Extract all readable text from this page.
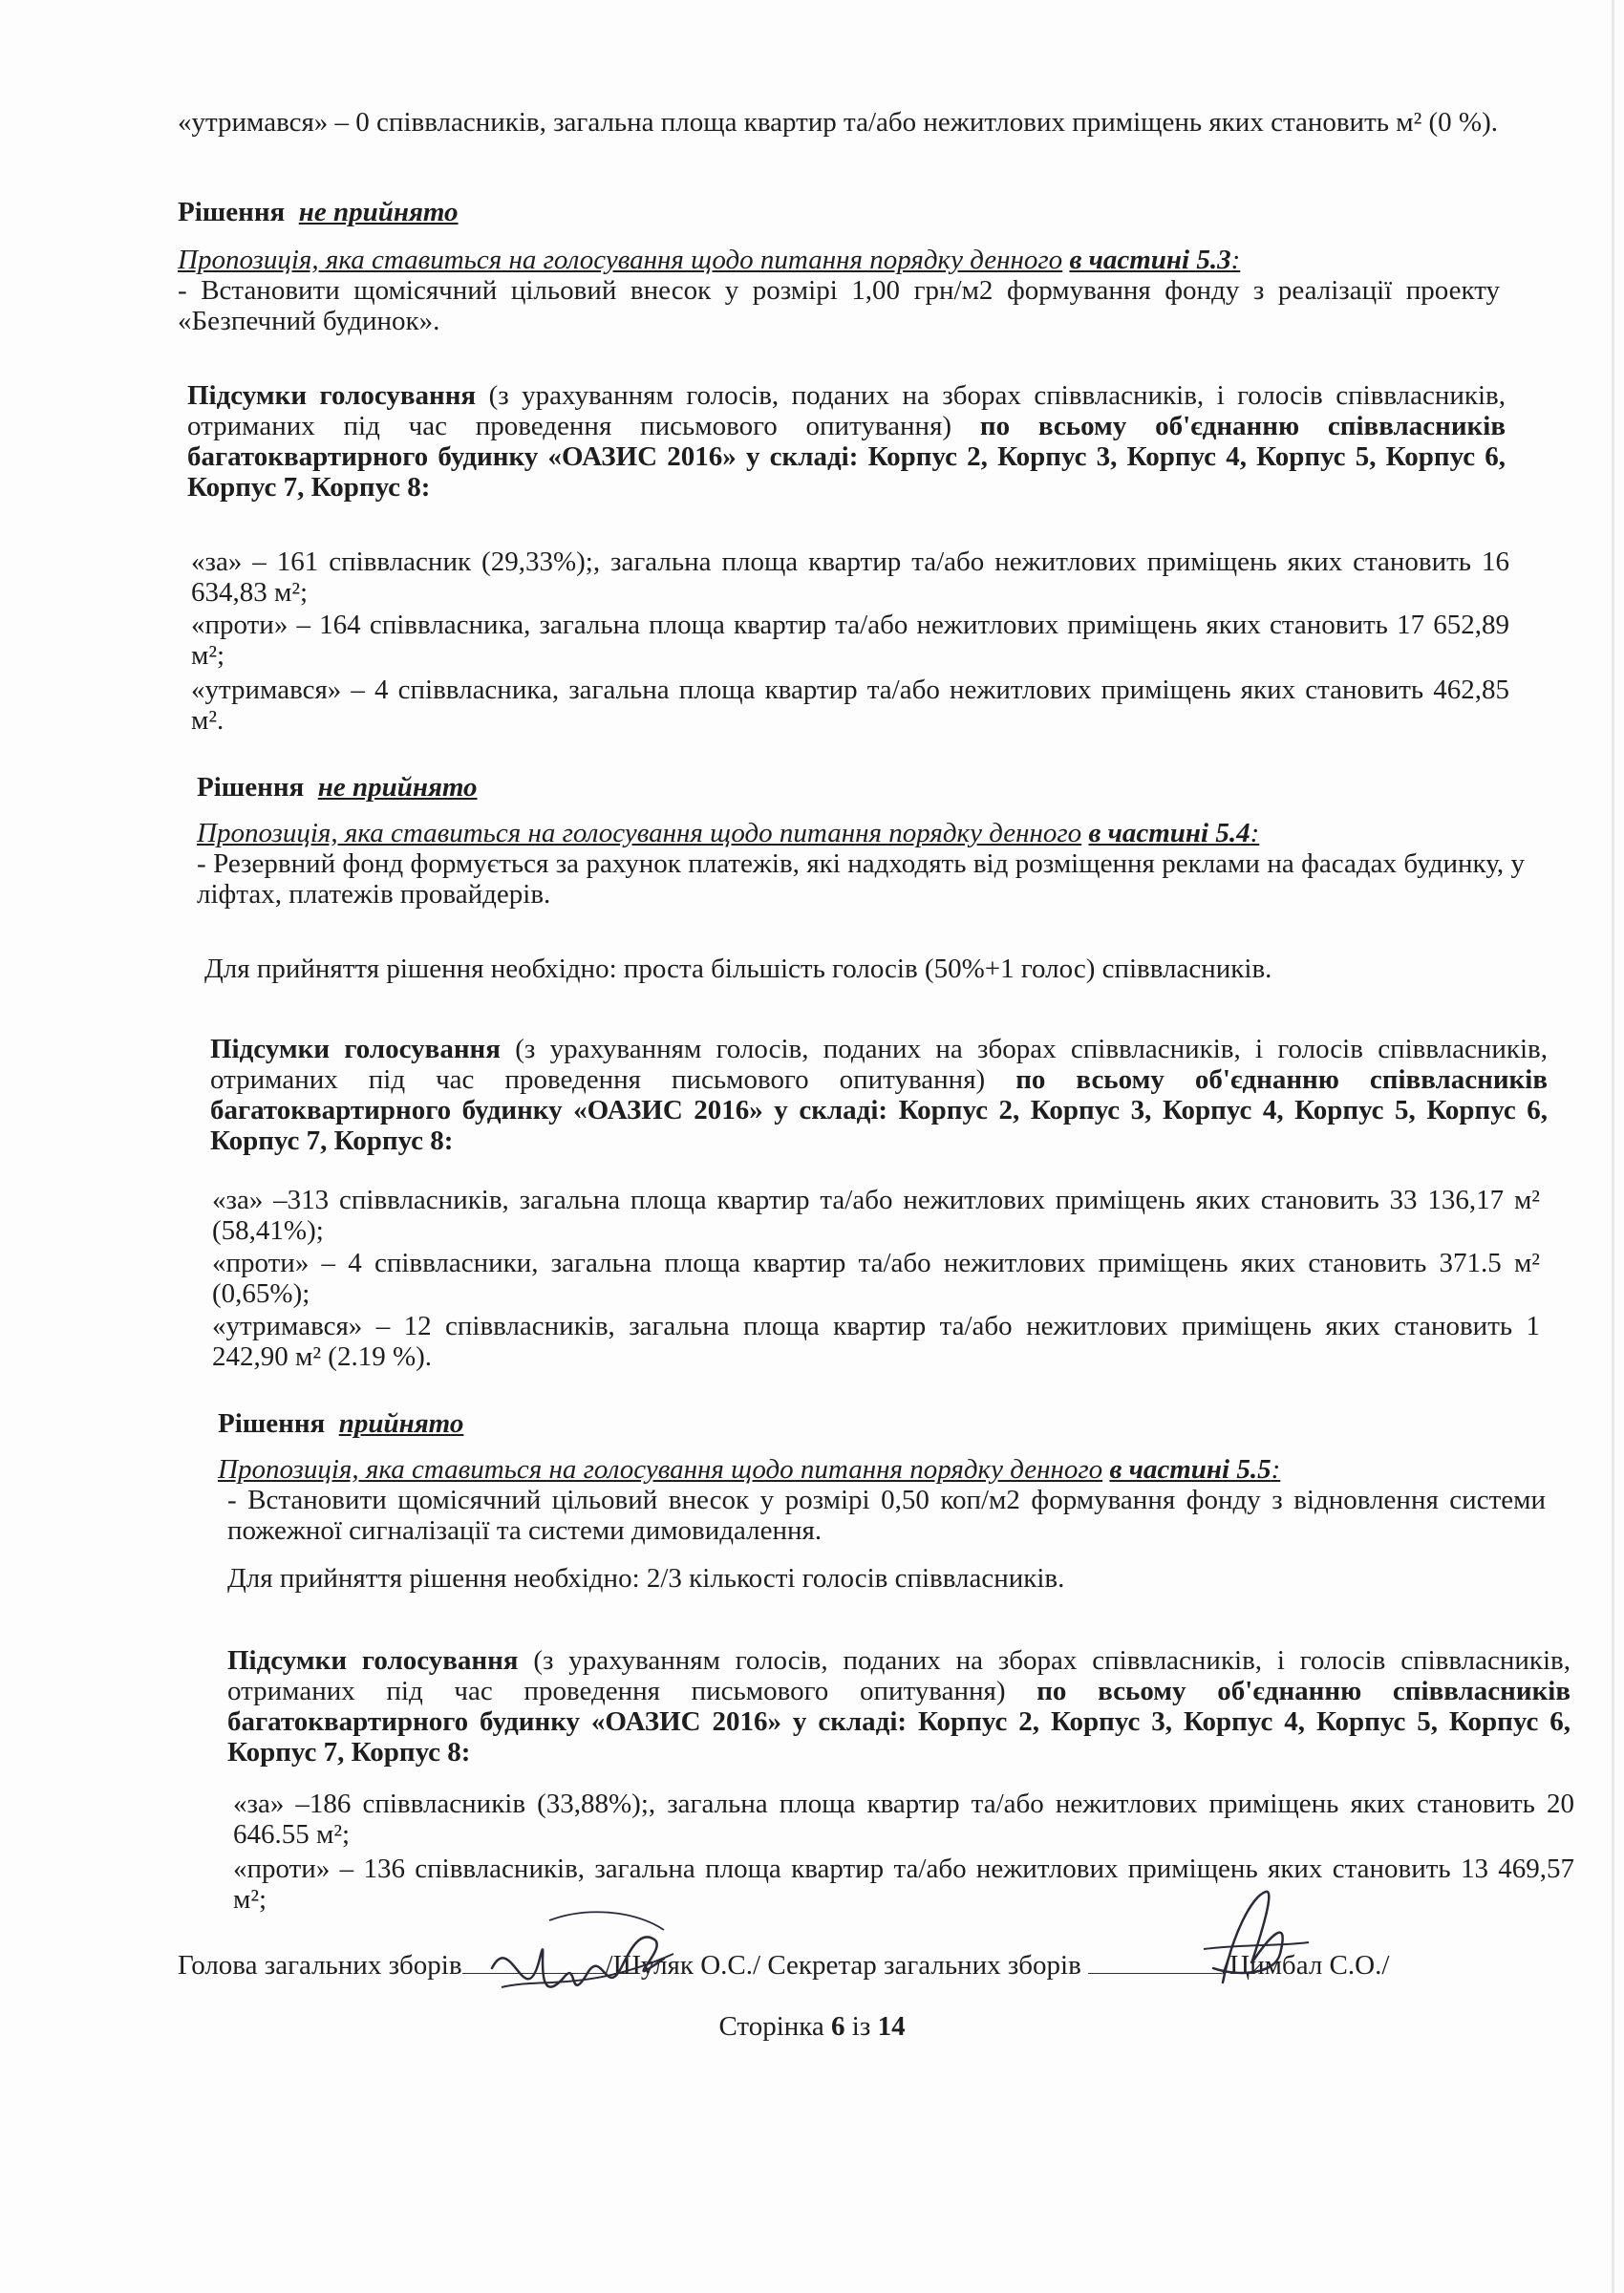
«утримався» – 0 співвласників, загальна площа квартир та/або нежитлових приміщень яких становить м² (0 %).

Рішення не прийнято

Пропозиція, яка ставиться на голосування щодо питання порядку денного в частині 5.3:

- Встановити щомісячний цільовий внесок у розмірі 1,00 грн/м2 формування фонду з реалізації проекту «Безпечний будинок».

Підсумки голосування (з урахуванням голосів, поданих на зборах співвласників, і голосів співвласників, отриманих під час проведення письмового опитування) по всьому об'єднанню співвласників багатоквартирного будинку «ОАЗИС 2016» у складі: Корпус 2, Корпус 3, Корпус 4, Корпус 5, Корпус 6, Корпус 7, Корпус 8:

«за» – 161 співвласник (29,33%);, загальна площа квартир та/або нежитлових приміщень яких становить 16 634,83 м²;

«проти» – 164 співвласника, загальна площа квартир та/або нежитлових приміщень яких становить 17 652,89 м²;

«утримався» – 4 співвласника, загальна площа квартир та/або нежитлових приміщень яких становить 462,85 м².

Рішення не прийнято

Пропозиція, яка ставиться на голосування щодо питання порядку денного в частині 5.4:

- Резервний фонд формується за рахунок платежів, які надходять від розміщення реклами на фасадах будинку, у ліфтах, платежів провайдерів.

Для прийняття рішення необхідно: проста більшість голосів (50%+1 голос) співвласників.

Підсумки голосування (з урахуванням голосів, поданих на зборах співвласників, і голосів співвласників, отриманих під час проведення письмового опитування) по всьому об'єднанню співвласників багатоквартирного будинку «ОАЗИС 2016» у складі: Корпус 2, Корпус 3, Корпус 4, Корпус 5, Корпус 6, Корпус 7, Корпус 8:

«за» –313 співвласників, загальна площа квартир та/або нежитлових приміщень яких становить 33 136,17 м² (58,41%);

«проти» – 4 співвласники, загальна площа квартир та/або нежитлових приміщень яких становить 371.5 м² (0,65%);

«утримався» – 12 співвласників, загальна площа квартир та/або нежитлових приміщень яких становить 1 242,90 м² (2.19 %).

Рішення прийнято

Пропозиція, яка ставиться на голосування щодо питання порядку денного в частині 5.5:

- Встановити щомісячний цільовий внесок у розмірі 0,50 коп/м2 формування фонду з відновлення системи пожежної сигналізації та системи димовидалення.

Для прийняття рішення необхідно: 2/3 кількості голосів співвласників.

Підсумки голосування (з урахуванням голосів, поданих на зборах співвласників, і голосів співвласників, отриманих під час проведення письмового опитування) по всьому об'єднанню співвласників багатоквартирного будинку «ОАЗИС 2016» у складі: Корпус 2, Корпус 3, Корпус 4, Корпус 5, Корпус 6, Корпус 7, Корпус 8:

«за» –186 співвласників (33,88%);, загальна площа квартир та/або нежитлових приміщень яких становить 20 646.55 м²;

«проти» – 136 співвласників, загальна площа квартир та/або нежитлових приміщень яких становить 13 469,57 м²;

Голова загальних зборів	/Шуляк О.С./ Секретар загальних зборів	/Цимбал С.О./
Сторінка 6 із 14
